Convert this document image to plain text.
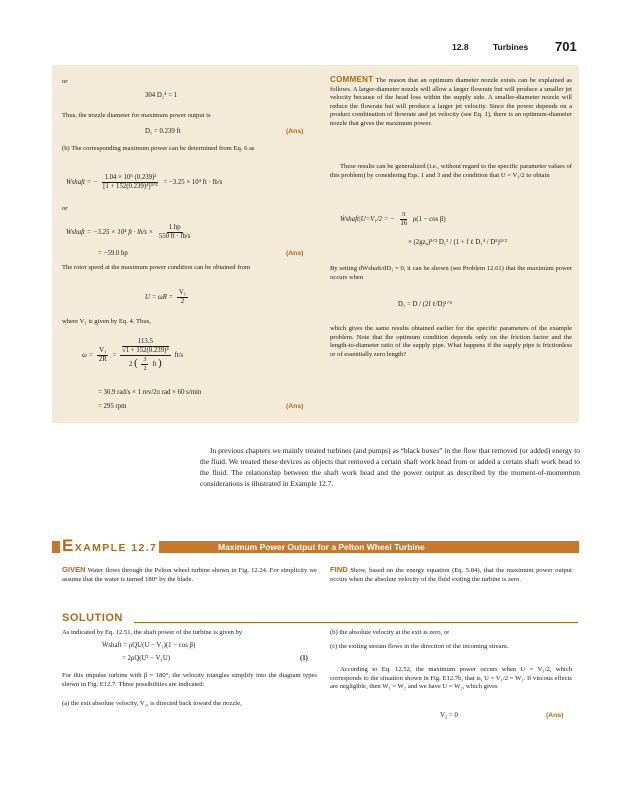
12.8	Turbines 701
or
304 D₁⁴ = 1
Thus, the nozzle diameter for maximum power output is
D₁ = 0.239 ft	(Ans)
(b) The corresponding maximum power can be determined from Eq. 6 as
Ẇshaft = − $\frac{\text{1.04 × 10⁶ (0.239)²}}{\text{[1 + 152(0.239)⁴]³ᐟ²}} = -3.25 \times 10^4$ ft · lb/s
or
Ẇshaft = −3.25 × 10⁴ ft · $lb/s \times \frac{1 hp}{550 ft \cdot lb/s}$
= −59.0 hp	(Ans)
The rotor speed at the maximum power condition can be obtained from
$U = \omega R = \frac{\text{V₁}}{2}$
where V₁ is given by Eq. 4. Thus,
$\omega = \frac{\text{V₁}}{2R} = 113.5$
√1 + 152(0.239)⁴
2 ( $\frac{3}{2}$ ft ) ft/s
= 30.9 rad/s × 1 rev/2π rad × 60 s/min
= 295 rpm	(Ans)
COMMENT The reason that an optimum diameter nozzle exists can be explained as follows. A larger-diameter nozzle will allow a larger flowrate but will produce a smaller jet velocity because of the head loss within the supply side. A smaller-diameter nozzle will reduce the flowrate but will produce a larger jet velocity. Since the power depends on a product combination of flowrate and jet velocity (see Eq. 1), there is an optimum-diameter nozzle that gives the maximum power.
These results can be generalized (i.e., without regard to the specific parameter values of this problem) by considering Eqs. 1 and 3 and the condition that U = V₁/2 to obtain
Ẇshaft|U=V₁/2 = − $\frac{\pi}{16} \rho(1 - \cos \beta)$
× (2gz₀)³ᐟ² D₁² / (1 + f ℓ D₁⁴ / D⁵)³ᐟ²
By setting dẆshaft/dD₁ = 0, it can be shown (see Problem 12.61) that the maximum power occurs when
D₁ = D / (2f ℓ/D)¹ᐟ⁴
which gives the same results obtained earlier for the specific parameters of the example problem. Note that the optimum condition depends only on the friction factor and the length-to-diameter ratio of the supply pipe. What happens if the supply pipe is frictionless or of essentially zero length?
In previous chapters we mainly treated turbines (and pumps) as “black boxes” in the flow that removed (or added) energy to the fluid. We treated these devices as objects that removed a certain shaft work head from or added a certain shaft work head to the fluid. The relationship between the shaft work head and the power output as described by the moment-of-momentum considerations is illustrated in Example 12.7.
EXAMPLE 12.7	Maximum Power Output for a Pelton Wheel Turbine
GIVEN Water flows through the Pelton wheel turbine shown in Fig. 12.24. For simplicity we assume that the water is turned 180° by the blade.
FIND Show, based on the energy equation (Eq. 5.84), that the maximum power output occurs when the absolute velocity of the fluid exiting the turbine is zero.
SOLUTION
As indicated by Eq. 12.51, the shaft power of the turbine is given by
Ẇshaft = ρQU(U − V₁)(1 − cos β)
= 2ρQ(U² − V₁U)	(1)
For this impulse turbine with β = 180°, the velocity triangles simplify into the diagram types shown in Fig. E12.7. Three possibilities are indicated:
(a) the exit absolute velocity, V₂, is directed back toward the nozzle,
(b) the absolute velocity at the exit is zero, or
(c) the exiting stream flows in the direction of the incoming stream.
According to Eq. 12.52, the maximum power occurs when U = V₁/2, which corresponds to the situation shown in Fig. E12.7b, that is, U = V₁/2 = W₁. If viscous effects are negligible, then W₁ = W₂ and we have U = W₂, which gives
V₂ = 0	(Ans)
